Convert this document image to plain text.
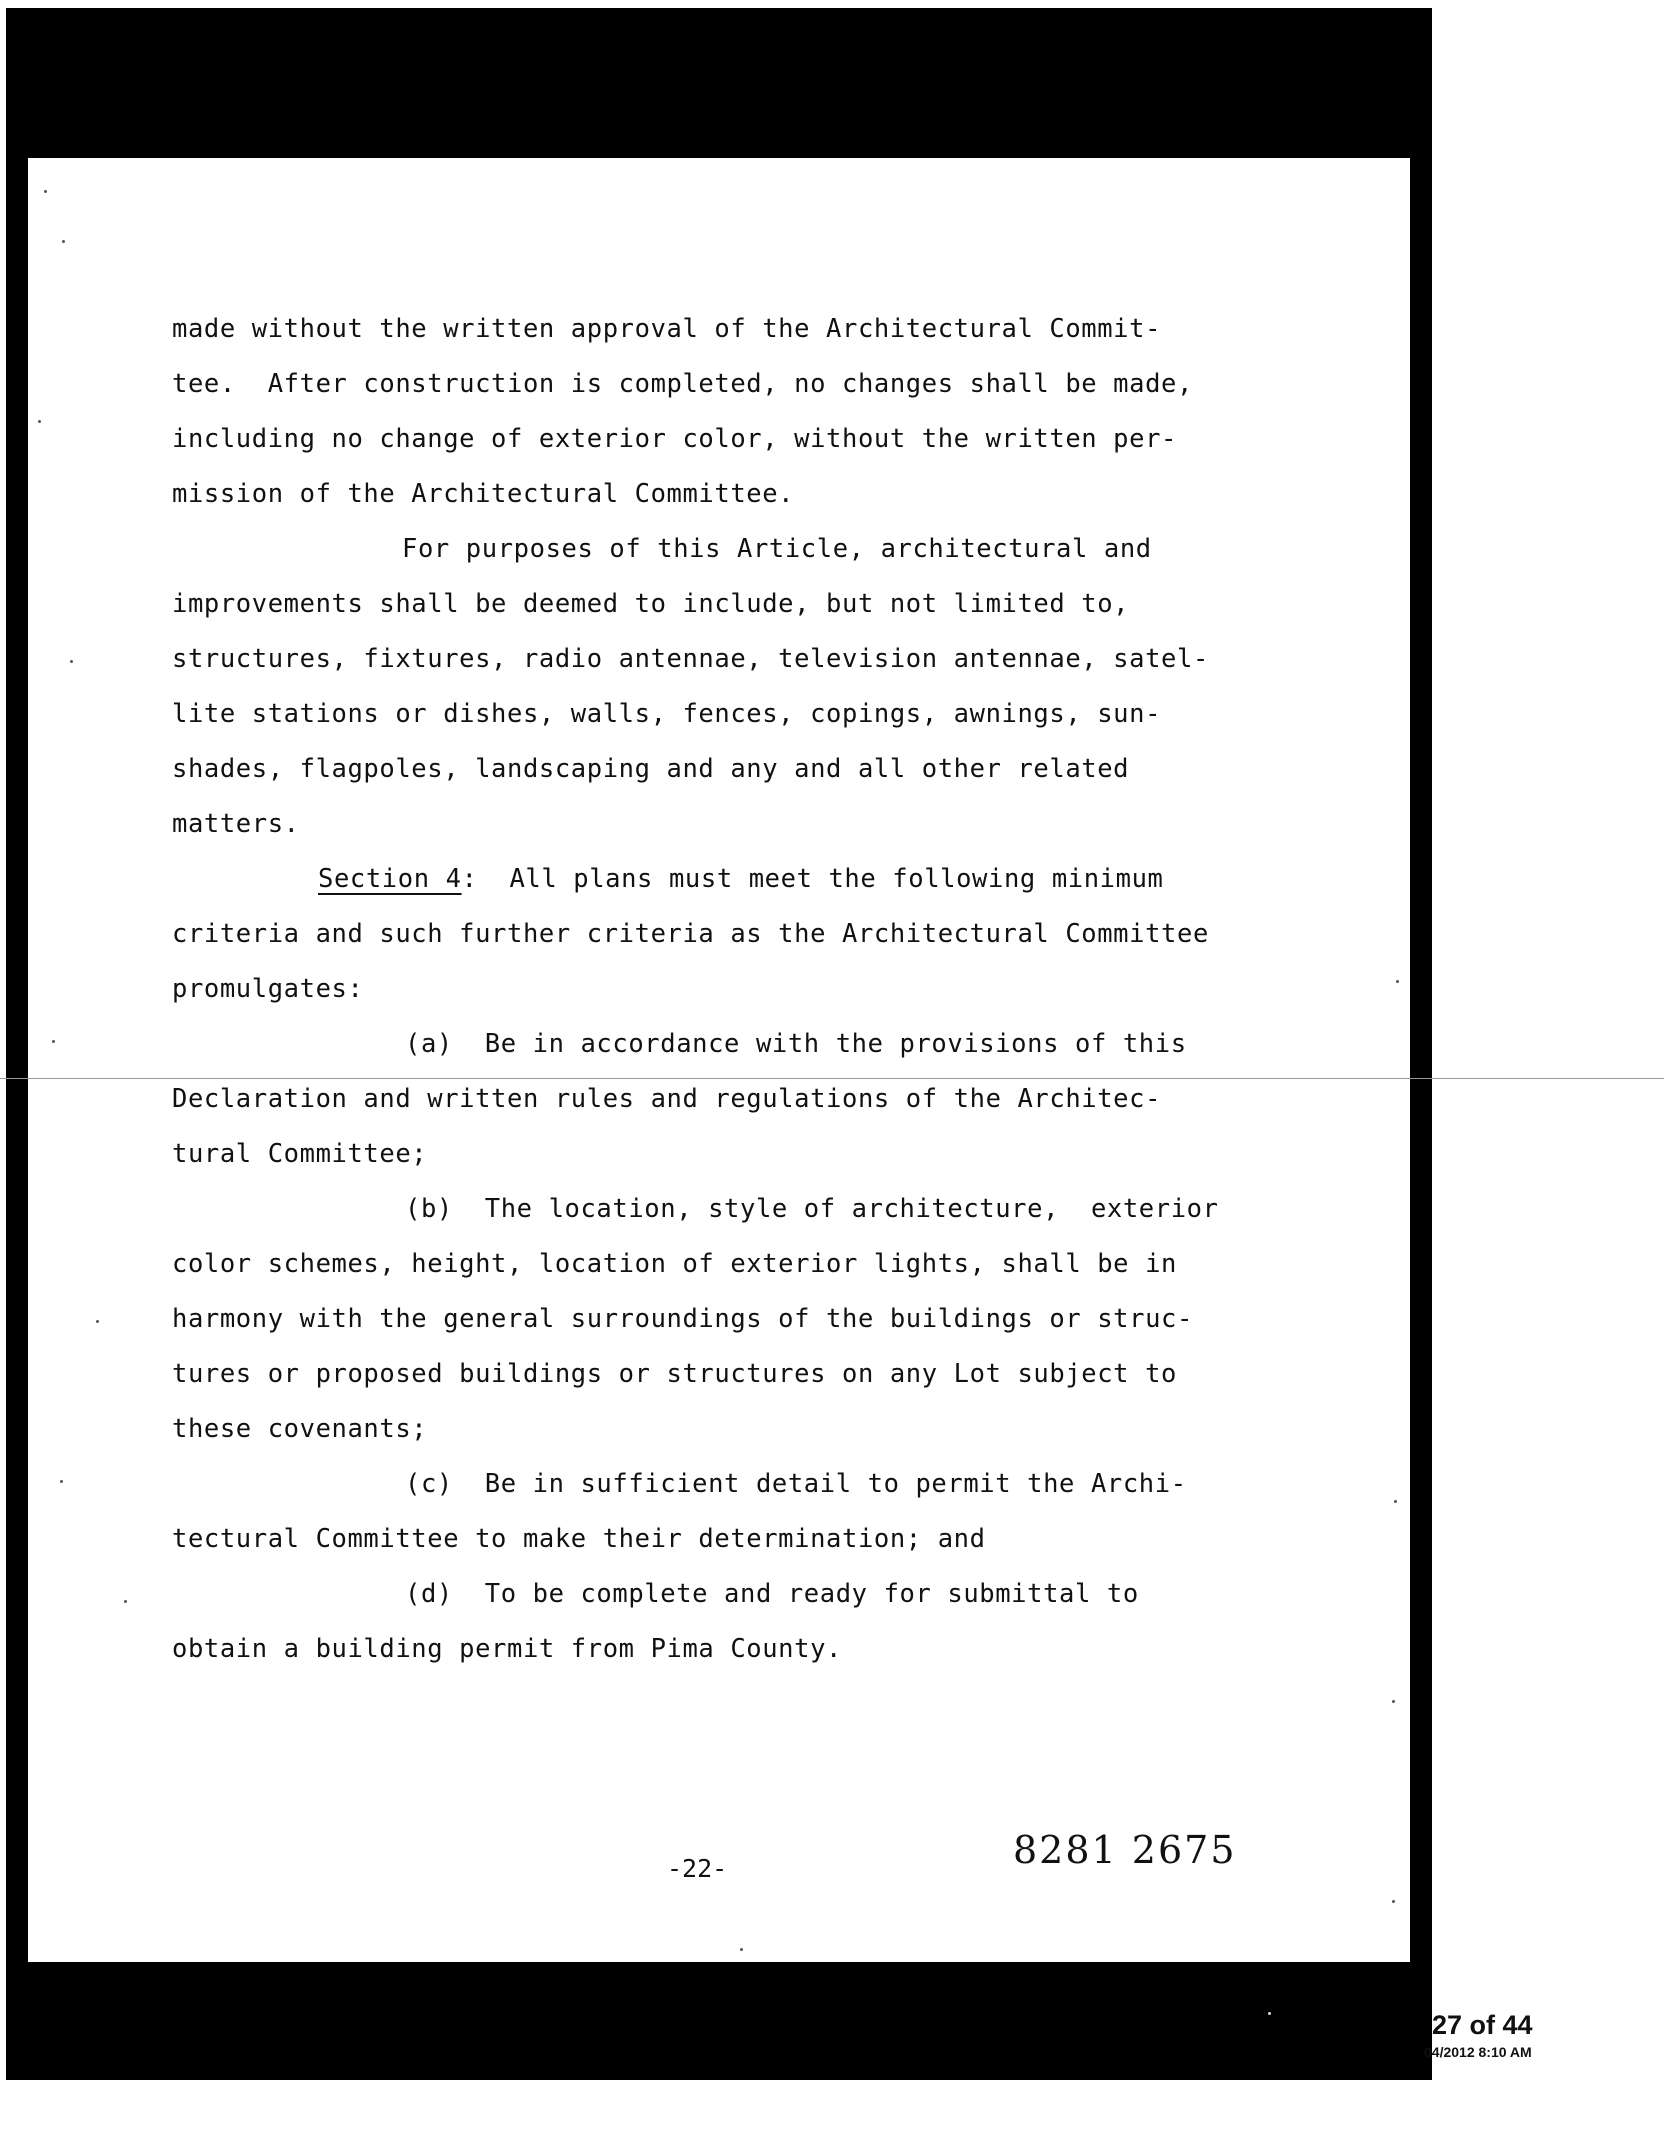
made without the written approval of the Architectural Commit-
tee.  After construction is completed, no changes shall be made,
including no change of exterior color, without the written per-
mission of the Architectural Committee.
For purposes of this Article, architectural and
improvements shall be deemed to include, but not limited to,
structures, fixtures, radio antennae, television antennae, satel-
lite stations or dishes, walls, fences, copings, awnings, sun-
shades, flagpoles, landscaping and any and all other related
matters.
Section 4:  All plans must meet the following minimum
criteria and such further criteria as the Architectural Committee
promulgates:
(a)  Be in accordance with the provisions of this
Declaration and written rules and regulations of the Architec-
tural Committee;
(b)  The location, style of architecture,  exterior
color schemes, height, location of exterior lights, shall be in
harmony with the general surroundings of the buildings or struc-
tures or proposed buildings or structures on any Lot subject to
these covenants;
(c)  Be in sufficient detail to permit the Archi-
tectural Committee to make their determination; and
(d)  To be complete and ready for submittal to
obtain a building permit from Pima County.
-22-	8281 2675
27 of 44
04/2012 8:10 AM
